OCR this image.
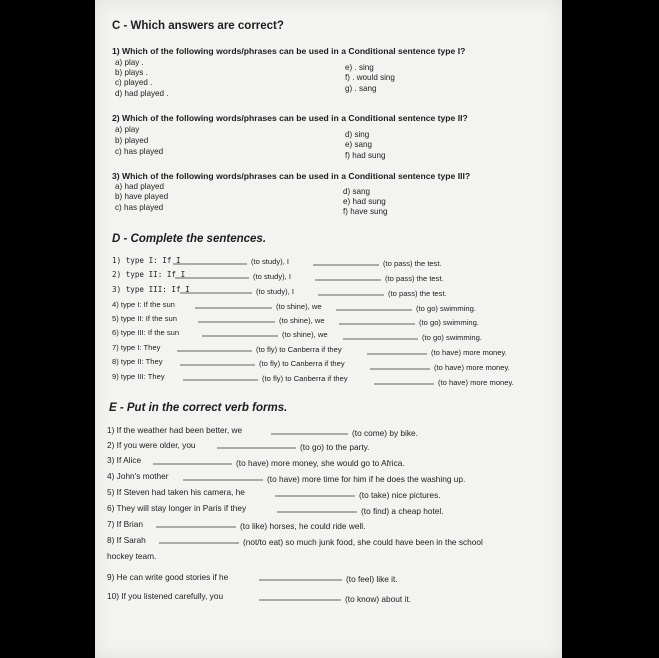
C - Which answers are correct?
1) Which of the following words/phrases can be used in a Conditional sentence type I?
a) play .
b) plays .
c) played .
d) had played .
e) . sing
f) . would sing
g) . sang
2) Which of the following words/phrases can be used in a Conditional sentence type II?
a) play
b) played
c) has played
d) sing
e) sang
f) had sung
3) Which of the following words/phrases can be used in a Conditional sentence type III?
a) had played
b) have played
c) has played
d) sang
e) had sung
f) have sung
D - Complete the sentences.
1) type I: If I	(to study), I	(to pass) the test.
2) type II: If I	(to study), I	(to pass) the test.
3) type III: If I	(to study), I	(to pass) the test.
4) type I: If the sun	(to shine), we	(to go) swimming.
5) type II: If the sun	(to shine), we	(to go) swimming.
6) type III: If the sun	(to shine), we	(to go) swimming.
7) type I: They	(to fly) to Canberra if they	(to have) more money.
8) type II: They	(to fly) to Canberra if they	(to have) more money.
9) type III: They	(to fly) to Canberra if they	(to have) more money.
E - Put in the correct verb forms.
1) If the weather had been better, we	(to come) by bike.
2) If you were older, you	(to go) to the party.
3) If Alice	(to have) more money, she would go to Africa.
4) John's mother	(to have) more time for him if he does the washing up.
5) If Steven had taken his camera, he	(to take) nice pictures.
6) They will stay longer in Paris if they	(to find) a cheap hotel.
7) If Brian	(to like) horses, he could ride well.
8) If Sarah	(not/to eat) so much junk food, she could have been in the school
hockey team.
9) He can write good stories if he	(to feel) like it.
10) If you listened carefully, you	(to know) about it.
